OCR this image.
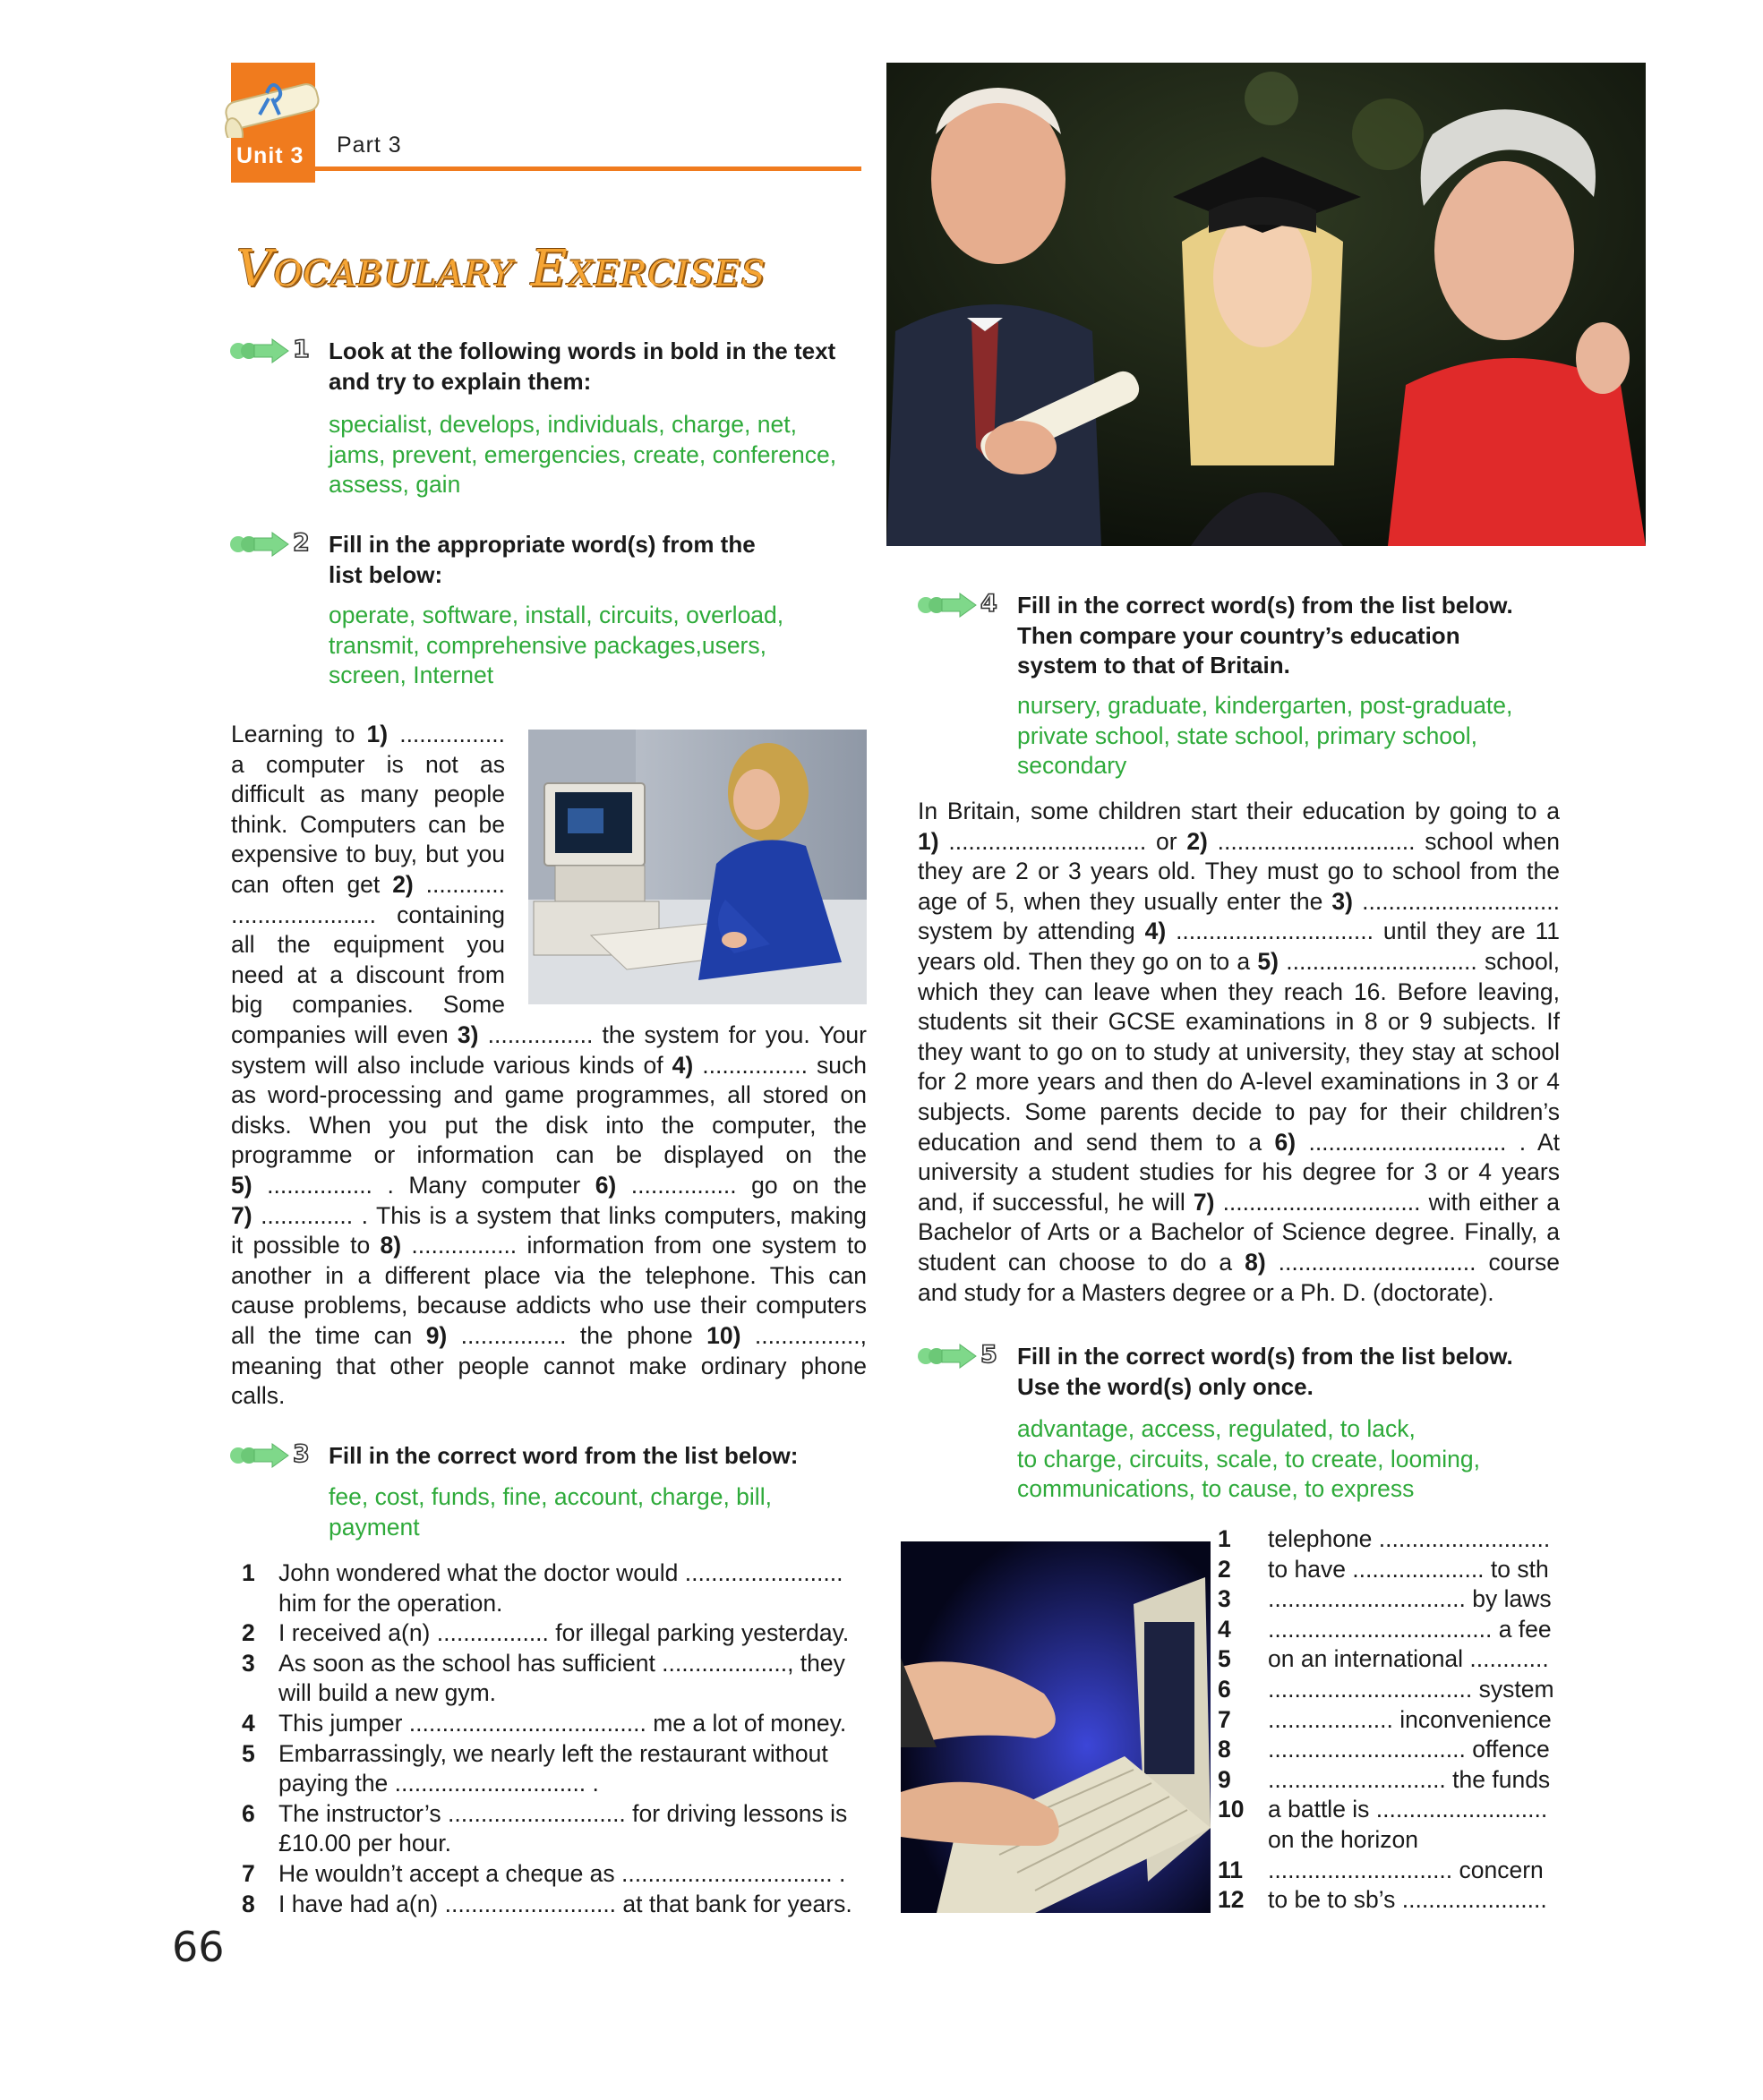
Unit 3 Part 3
Vocabulary Exercises
1 Look at the following words in bold in the text
and try to explain them:
specialist, develops, individuals, charge, net,
jams, prevent, emergencies, create, conference,
assess, gain
2 Fill in the appropriate word(s) from the
list below:
operate, software, install, circuits, overload,
transmit, comprehensive packages,users,
screen, Internet
Learning to 1) ................
a computer is not as
difficult as many people
think. Computers can be
expensive to buy, but you
can often get 2) ............
...................... containing
all the equipment you
need at a discount from
big companies. Some
companies will even 3) ................ the system for you. Your
system will also include various kinds of 4) ................ such
as word-processing and game programmes, all stored on
disks. When you put the disk into the computer, the
programme or information can be displayed on the
5) ................ . Many computer 6) ................ go on the
7) .............. . This is a system that links computers, making
it possible to 8) ................ information from one system to
another in a different place via the telephone. This can
cause problems, because addicts who use their computers
all the time can 9) ................ the phone 10) ................,
meaning that other people cannot make ordinary phone
calls.
3 Fill in the correct word from the list below:
fee, cost, funds, fine, account, charge, bill,
payment
1 John wondered what the doctor would ........................
him for the operation.
2 I received a(n) ................. for illegal parking yesterday.
3 As soon as the school has sufficient ..................., they
will build a new gym.
4 This jumper .................................... me a lot of money.
5 Embarrassingly, we nearly left the restaurant without
paying the ............................. .
6 The instructor’s ........................... for driving lessons is
£10.00 per hour.
7 He wouldn’t accept a cheque as ................................ .
8 I have had a(n) .......................... at that bank for years.
66
4 Fill in the correct word(s) from the list below.
Then compare your country’s education
system to that of Britain.
nursery, graduate, kindergarten, post-graduate,
private school, state school, primary school,
secondary
In Britain, some children start their education by going to a
1) .............................. or 2) .............................. school when
they are 2 or 3 years old. They must go to school from the
age of 5, when they usually enter the 3) ..............................
system by attending 4) .............................. until they are 11
years old. Then they go on to a 5) ............................. school,
which they can leave when they reach 16. Before leaving,
students sit their GCSE examinations in 8 or 9 subjects. If
they want to go on to study at university, they stay at school
for 2 more years and then do A-level examinations in 3 or 4
subjects. Some parents decide to pay for their children’s
education and send them to a 6) .............................. . At
university a student studies for his degree for 3 or 4 years
and, if successful, he will 7) .............................. with either a
Bachelor of Arts or a Bachelor of Science degree. Finally, a
student can choose to do a 8) .............................. course
and study for a Masters degree or a Ph. D. (doctorate).
5 Fill in the correct word(s) from the list below.
Use the word(s) only once.
advantage, access, regulated, to lack,
to charge, circuits, scale, to create, looming,
communications, to cause, to express
1 telephone ..........................
2 to have .................... to sth
3 .............................. by laws
4 .................................. a fee
5 on an international ............
6 ............................... system
7 ................... inconvenience
8 .............................. offence
9 ........................... the funds
10 a battle is ..........................
on the horizon
11 ............................ concern
12 to be to sb’s ......................
